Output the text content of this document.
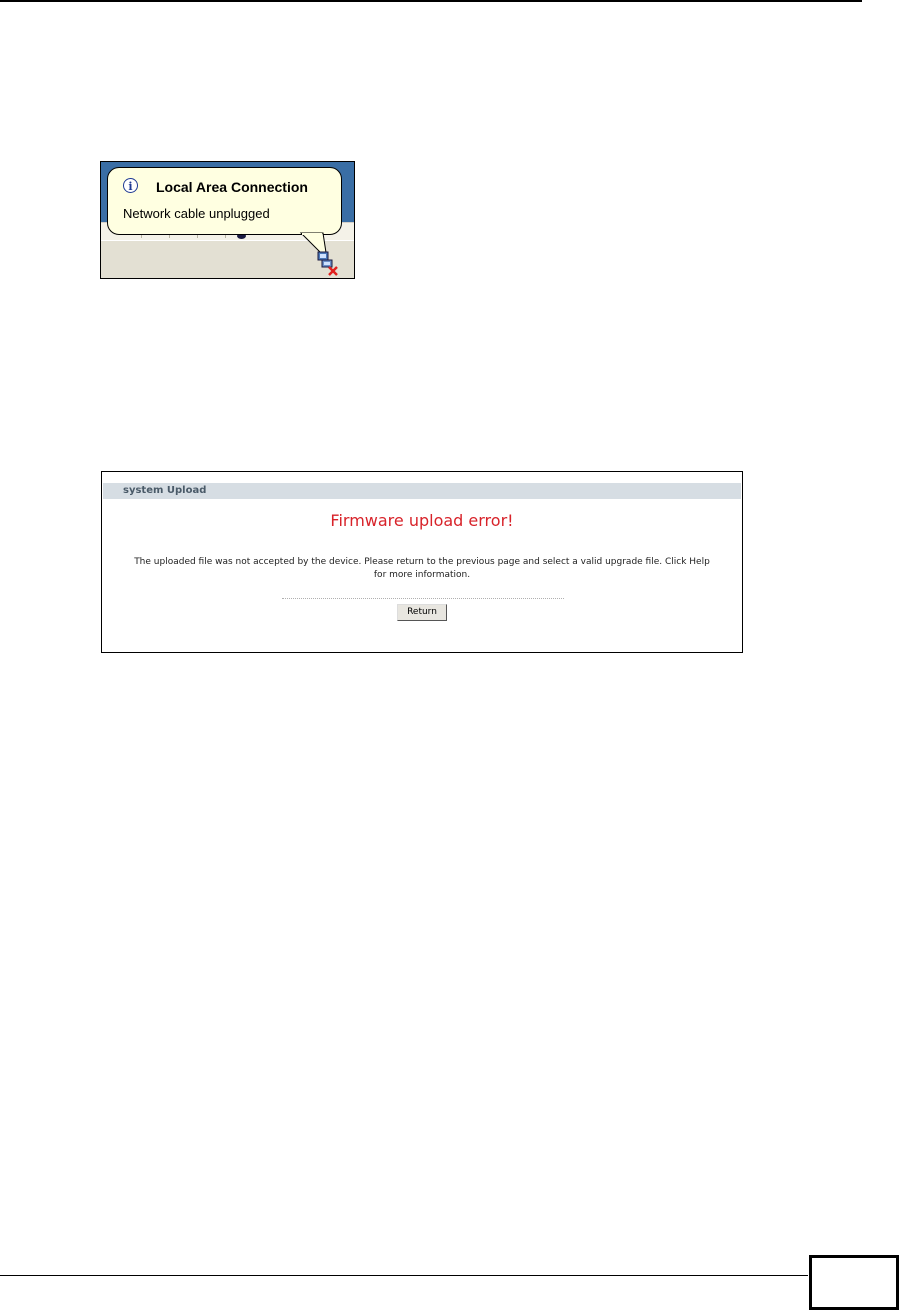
i	Local Area Connection
Network cable unplugged
system Upload
Firmware upload error!
The uploaded file was not accepted by the device. Please return to the previous page and select a valid upgrade file. Click Help for more information.
Return
